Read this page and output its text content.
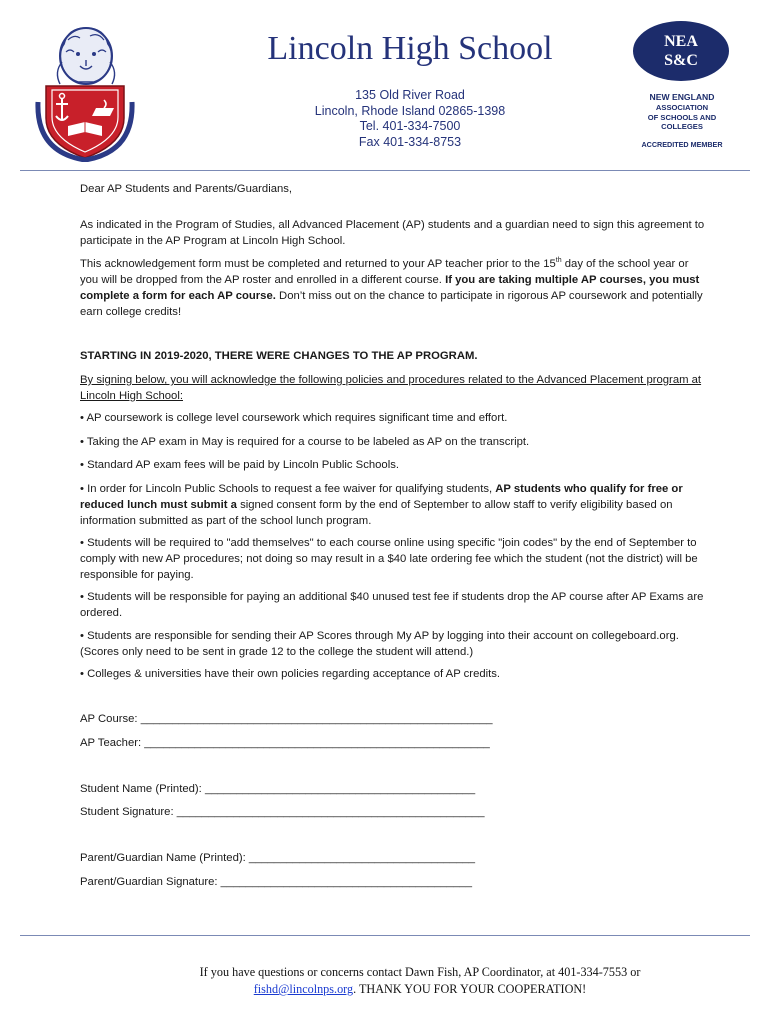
Lincoln High School
135 Old River Road
Lincoln, Rhode Island 02865-1398
Tel. 401-334-7500
Fax 401-334-8753
NEA
S&C
NEW ENGLAND
ASSOCIATION
OF SCHOOLS AND
COLLEGES
ACCREDITED MEMBER
Dear AP Students and Parents/Guardians,

As indicated in the Program of Studies, all Advanced Placement (AP) students and a guardian need to sign this agreement to participate in the AP Program at Lincoln High School.

This acknowledgement form must be completed and returned to your AP teacher prior to the 15th day of the school year or you will be dropped from the AP roster and enrolled in a different course. If you are taking multiple AP courses, you must complete a form for each AP course. Don’t miss out on the chance to participate in rigorous AP coursework and potentially earn college credits!

STARTING IN 2019-2020, THERE WERE CHANGES TO THE AP PROGRAM.
By signing below, you will acknowledge the following policies and procedures related to the Advanced Placement program at Lincoln High School:
• AP coursework is college level coursework which requires significant time and effort.
• Taking the AP exam in May is required for a course to be labeled as AP on the transcript.
• Standard AP exam fees will be paid by Lincoln Public Schools.

• In order for Lincoln Public Schools to request a fee waiver for qualifying students, AP students who qualify for free or reduced lunch must submit a signed consent form by the end of September to allow staff to verify eligibility based on information submitted as part of the school lunch program.

• Students will be required to "add themselves" to each course online using specific "join codes" by the end of September to comply with new AP procedures; not doing so may result in a $40 late ordering fee which the student (not the district) will be responsible for paying.
• Students will be responsible for paying an additional $40 unused test fee if students drop the AP course after AP Exams are ordered.
• Students are responsible for sending their AP Scores through My AP by logging into their account on collegeboard.org. (Scores only need to be sent in grade 12 to the college the student will attend.)
• Colleges & universities have their own policies regarding acceptance of AP credits.
AP Course: ________________________________________________________
AP Teacher: _______________________________________________________
Student Name (Printed): ___________________________________________
Student Signature: _________________________________________________
Parent/Guardian Name (Printed): ____________________________________
Parent/Guardian Signature: ________________________________________
If you have questions or concerns contact Dawn Fish, AP Coordinator, at 401-334-7553 or
fishd@lincolnps.org. THANK YOU FOR YOUR COOPERATION!
